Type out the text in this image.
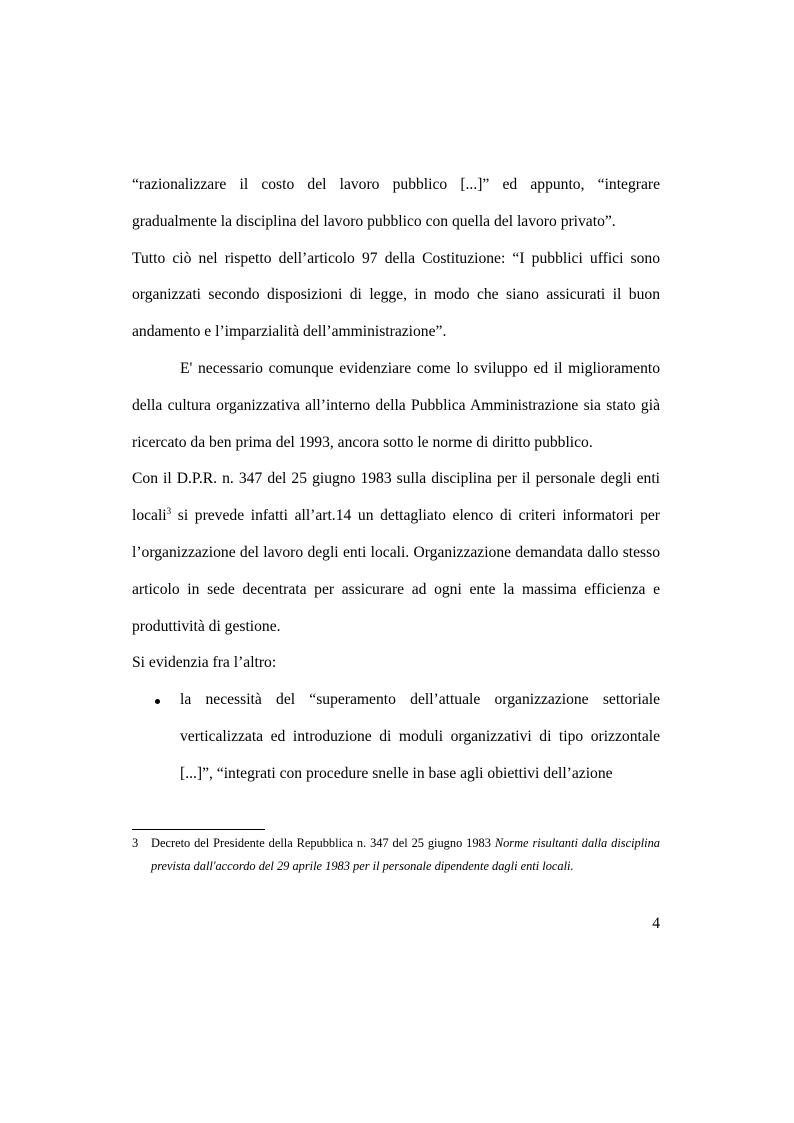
“razionalizzare il costo del lavoro pubblico [...]” ed appunto, “integrare gradualmente la disciplina del lavoro pubblico con quella del lavoro privato”.

Tutto ciò nel rispetto dell’articolo 97 della Costituzione: “I pubblici uffici sono organizzati secondo disposizioni di legge, in modo che siano assicurati il buon andamento e l’imparzialità dell’amministrazione”.

E' necessario comunque evidenziare come lo sviluppo ed il miglioramento della cultura organizzativa all’interno della Pubblica Amministrazione sia stato già ricercato da ben prima del 1993, ancora sotto le norme di diritto pubblico.

Con il D.P.R. n. 347 del 25 giugno 1983 sulla disciplina per il personale degli enti locali$^3$ si prevede infatti all’art.14 un dettagliato elenco di criteri informatori per l’organizzazione del lavoro degli enti locali. Organizzazione demandata dallo stesso articolo in sede decentrata per assicurare ad ogni ente la massima efficienza e produttività di gestione.

Si evidenzia fra l’altro:

la necessità del “superamento dell’attuale organizzazione settoriale verticalizzata ed introduzione di moduli organizzativi di tipo orizzontale [...]”, “integrati con procedure snelle in base agli obiettivi dell’azione
3	Decreto del Presidente della Repubblica n. 347 del 25 giugno 1983 Norme risultanti dalla disciplina prevista dall'accordo del 29 aprile 1983 per il personale dipendente dagli enti locali.
4
